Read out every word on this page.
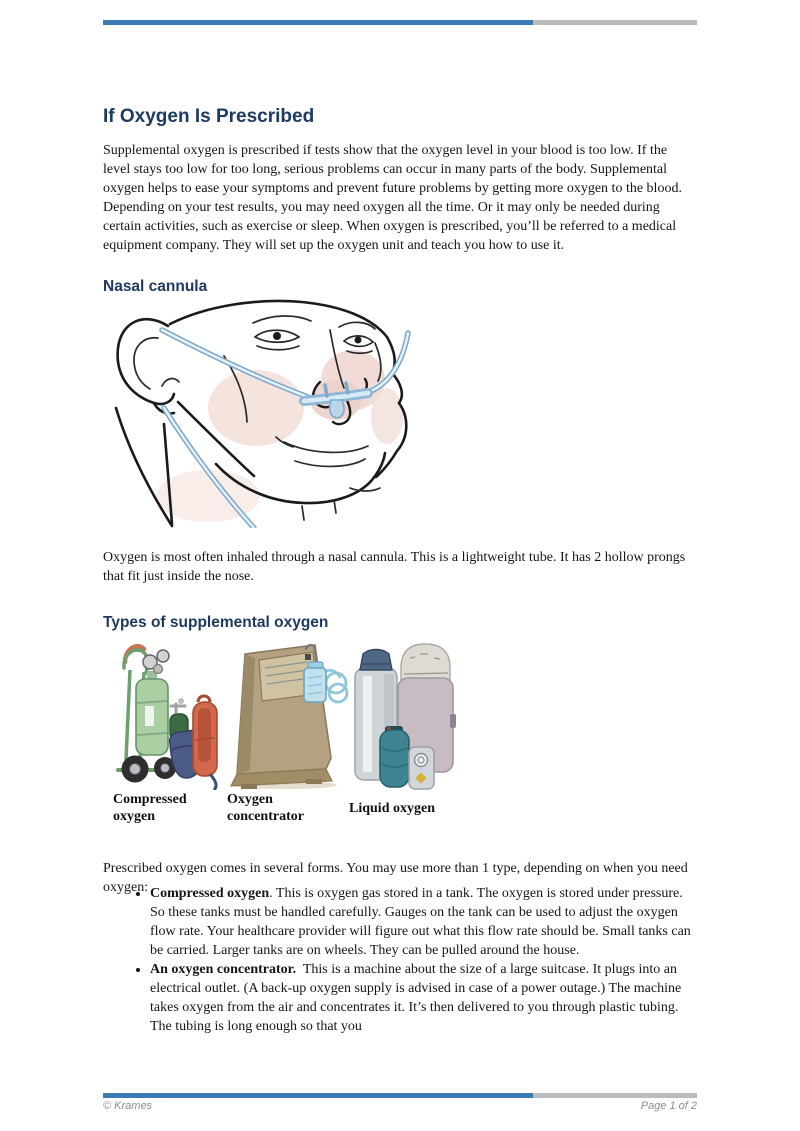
If Oxygen Is Prescribed

Supplemental oxygen is prescribed if tests show that the oxygen level in your blood is too low. If the level stays too low for too long, serious problems can occur in many parts of the body. Supplemental oxygen helps to ease your symptoms and prevent future problems by getting more oxygen to the blood. Depending on your test results, you may need oxygen all the time. Or it may only be needed during certain activities, such as exercise or sleep. When oxygen is prescribed, you’ll be referred to a medical equipment company. They will set up the oxygen unit and teach you how to use it.

Nasal cannula

Oxygen is most often inhaled through a nasal cannula. This is a lightweight tube. It has 2 hollow prongs that fit just inside the nose.

Types of supplemental oxygen
Compressed oxygen
Oxygen concentrator
Liquid oxygen

Prescribed oxygen comes in several forms. You may use more than 1 type, depending on when you need oxygen: • Compressed oxygen. This is oxygen gas stored in a tank. The oxygen is stored under pressure. So these tanks must be handled carefully. Gauges on the tank can be used to adjust the oxygen flow rate. Your healthcare provider will figure out what this flow rate should be. Small tanks can be carried. Larger tanks are on wheels. They can be pulled around the house.
• An oxygen concentrator.  This is a machine about the size of a large suitcase. It plugs into an electrical outlet. (A back-up oxygen supply is advised in case of a power outage.) The machine takes oxygen from the air and concentrates it. It’s then delivered to you through plastic tubing. The tubing is long enough so that you
© Krames	Page 1 of 2
